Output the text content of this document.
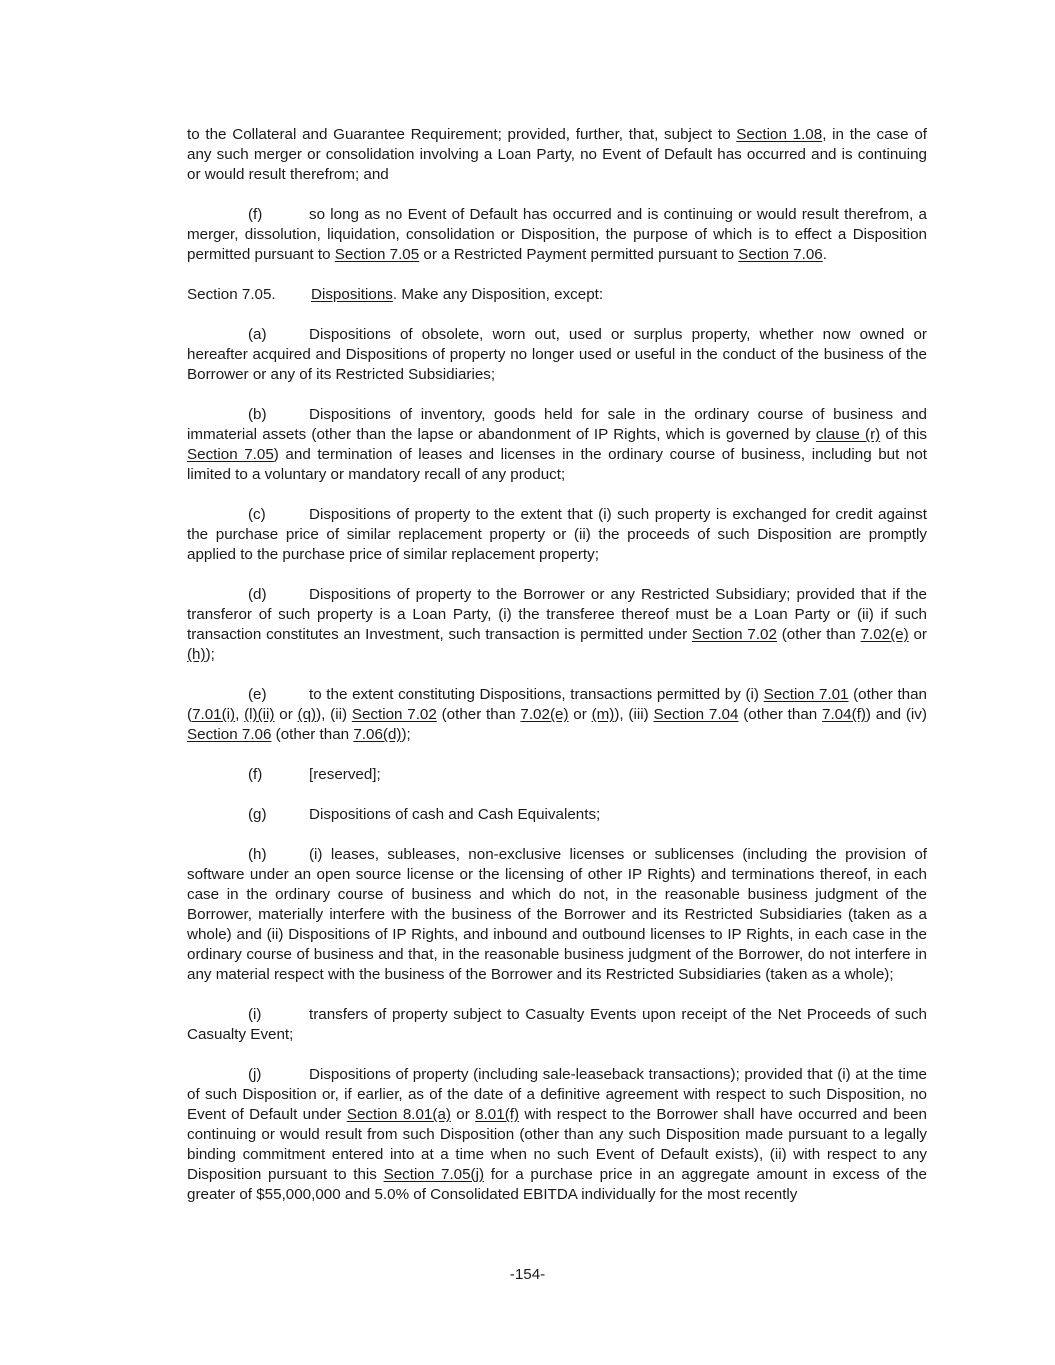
to the Collateral and Guarantee Requirement; provided, further, that, subject to Section 1.08, in the case of any such merger or consolidation involving a Loan Party, no Event of Default has occurred and is continuing or would result therefrom; and

(f)	so long as no Event of Default has occurred and is continuing or would result therefrom, a merger, dissolution, liquidation, consolidation or Disposition, the purpose of which is to effect a Disposition permitted pursuant to Section 7.05 or a Restricted Payment permitted pursuant to Section 7.06.

Section 7.05. Dispositions. Make any Disposition, except:

(a)	Dispositions of obsolete, worn out, used or surplus property, whether now owned or hereafter acquired and Dispositions of property no longer used or useful in the conduct of the business of the Borrower or any of its Restricted Subsidiaries;

(b)	Dispositions of inventory, goods held for sale in the ordinary course of business and immaterial assets (other than the lapse or abandonment of IP Rights, which is governed by clause (r) of this Section 7.05) and termination of leases and licenses in the ordinary course of business, including but not limited to a voluntary or mandatory recall of any product;

(c)	Dispositions of property to the extent that (i) such property is exchanged for credit against the purchase price of similar replacement property or (ii) the proceeds of such Disposition are promptly applied to the purchase price of similar replacement property;

(d)	Dispositions of property to the Borrower or any Restricted Subsidiary; provided that if the transferor of such property is a Loan Party, (i) the transferee thereof must be a Loan Party or (ii) if such transaction constitutes an Investment, such transaction is permitted under Section 7.02 (other than 7.02(e) or (h));

(e)	to the extent constituting Dispositions, transactions permitted by (i) Section 7.01 (other than (7.01(i), (l)(ii) or (q)), (ii) Section 7.02 (other than 7.02(e) or (m)), (iii) Section 7.04 (other than 7.04(f)) and (iv) Section 7.06 (other than 7.06(d));

(f)	[reserved];

(g)	Dispositions of cash and Cash Equivalents;

(h)	(i) leases, subleases, non-exclusive licenses or sublicenses (including the provision of software under an open source license or the licensing of other IP Rights) and terminations thereof, in each case in the ordinary course of business and which do not, in the reasonable business judgment of the Borrower, materially interfere with the business of the Borrower and its Restricted Subsidiaries (taken as a whole) and (ii) Dispositions of IP Rights, and inbound and outbound licenses to IP Rights, in each case in the ordinary course of business and that, in the reasonable business judgment of the Borrower, do not interfere in any material respect with the business of the Borrower and its Restricted Subsidiaries (taken as a whole);

(i)	transfers of property subject to Casualty Events upon receipt of the Net Proceeds of such Casualty Event;

(j)	Dispositions of property (including sale-leaseback transactions); provided that (i) at the time of such Disposition or, if earlier, as of the date of a definitive agreement with respect to such Disposition, no Event of Default under Section 8.01(a) or 8.01(f) with respect to the Borrower shall have occurred and been continuing or would result from such Disposition (other than any such Disposition made pursuant to a legally binding commitment entered into at a time when no such Event of Default exists), (ii) with respect to any Disposition pursuant to this Section 7.05(j) for a purchase price in an aggregate amount in excess of the greater of $55,000,000 and 5.0% of Consolidated EBITDA individually for the most recently

-154-
